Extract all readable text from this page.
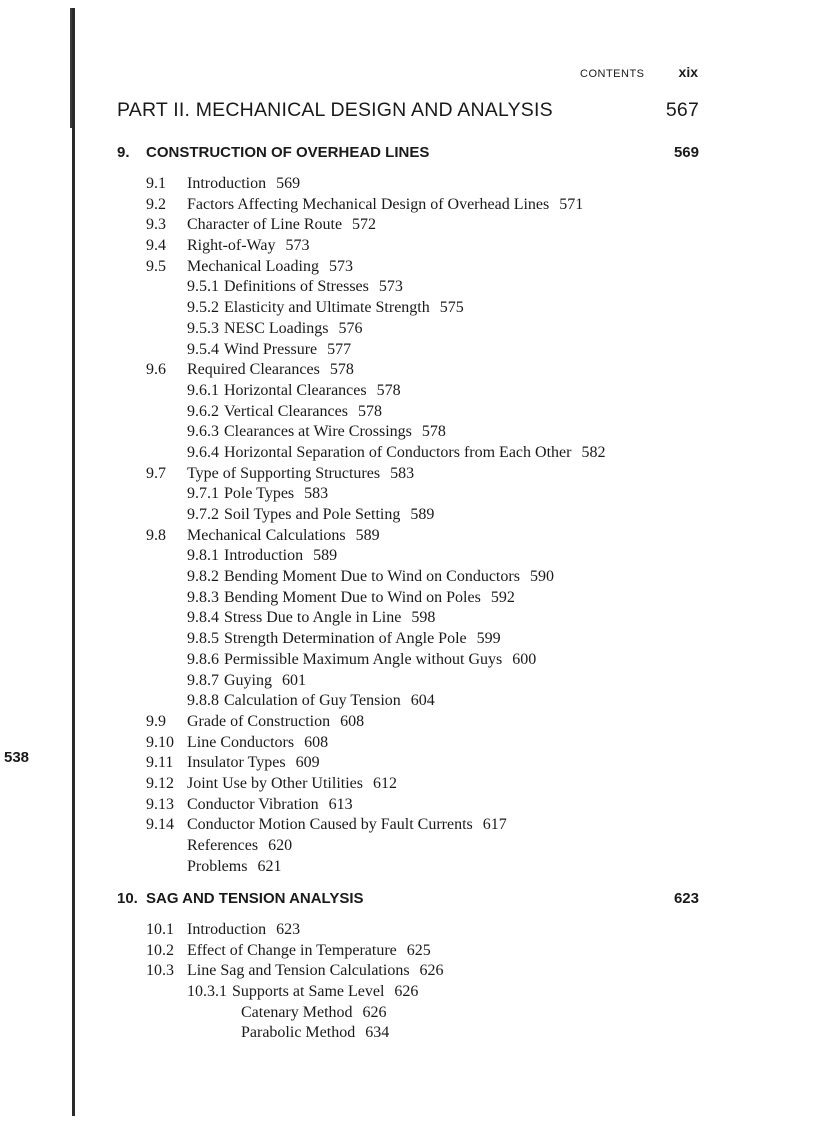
538
CONTENTS xix
PART II. MECHANICAL DESIGN AND ANALYSIS	567
9. CONSTRUCTION OF OVERHEAD LINES	569
9.1 Introduction 569
9.2 Factors Affecting Mechanical Design of Overhead Lines 571
9.3 Character of Line Route 572
9.4 Right-of-Way 573
9.5 Mechanical Loading 573
9.5.1 Definitions of Stresses 573
9.5.2 Elasticity and Ultimate Strength 575
9.5.3 NESC Loadings 576
9.5.4 Wind Pressure 577
9.6 Required Clearances 578
9.6.1 Horizontal Clearances 578
9.6.2 Vertical Clearances 578
9.6.3 Clearances at Wire Crossings 578
9.6.4 Horizontal Separation of Conductors from Each Other 582
9.7 Type of Supporting Structures 583
9.7.1 Pole Types 583
9.7.2 Soil Types and Pole Setting 589
9.8 Mechanical Calculations 589
9.8.1 Introduction 589
9.8.2 Bending Moment Due to Wind on Conductors 590
9.8.3 Bending Moment Due to Wind on Poles 592
9.8.4 Stress Due to Angle in Line 598
9.8.5 Strength Determination of Angle Pole 599
9.8.6 Permissible Maximum Angle without Guys 600
9.8.7 Guying 601
9.8.8 Calculation of Guy Tension 604
9.9 Grade of Construction 608
9.10 Line Conductors 608
9.11 Insulator Types 609
9.12 Joint Use by Other Utilities 612
9.13 Conductor Vibration 613
9.14 Conductor Motion Caused by Fault Currents 617
References 620
Problems 621
10. SAG AND TENSION ANALYSIS	623
10.1 Introduction 623
10.2 Effect of Change in Temperature 625
10.3 Line Sag and Tension Calculations 626
10.3.1 Supports at Same Level 626
Catenary Method 626
Parabolic Method 634
